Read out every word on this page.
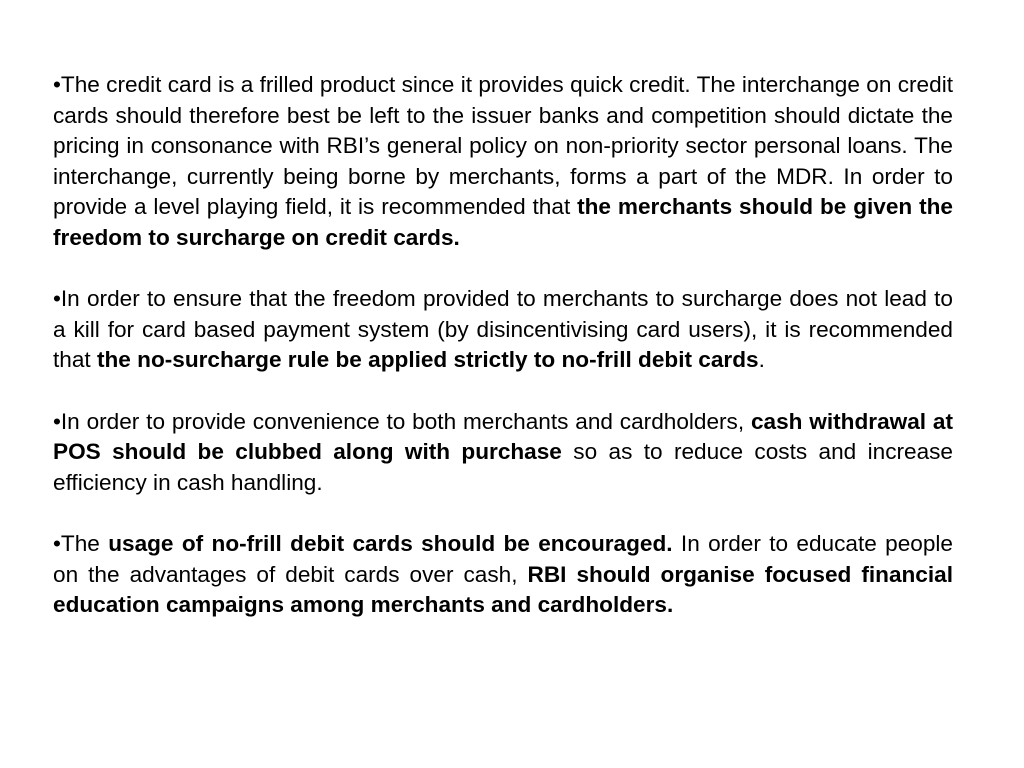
•The credit card is a frilled product since it provides quick credit. The interchange on credit cards should therefore best be left to the issuer banks and competition should dictate the pricing in consonance with RBI’s general policy on non-priority sector personal loans. The interchange, currently being borne by merchants, forms a part of the MDR. In order to provide a level playing field, it is recommended that the merchants should be given the freedom to surcharge on credit cards.

•In order to ensure that the freedom provided to merchants to surcharge does not lead to a kill for card based payment system (by disincentivising card users), it is recommended that the no-surcharge rule be applied strictly to no-frill debit cards.

•In order to provide convenience to both merchants and cardholders, cash withdrawal at POS should be clubbed along with purchase so as to reduce costs and increase efficiency in cash handling.

•The usage of no-frill debit cards should be encouraged. In order to educate people on the advantages of debit cards over cash, RBI should organise focused financial education campaigns among merchants and cardholders.
